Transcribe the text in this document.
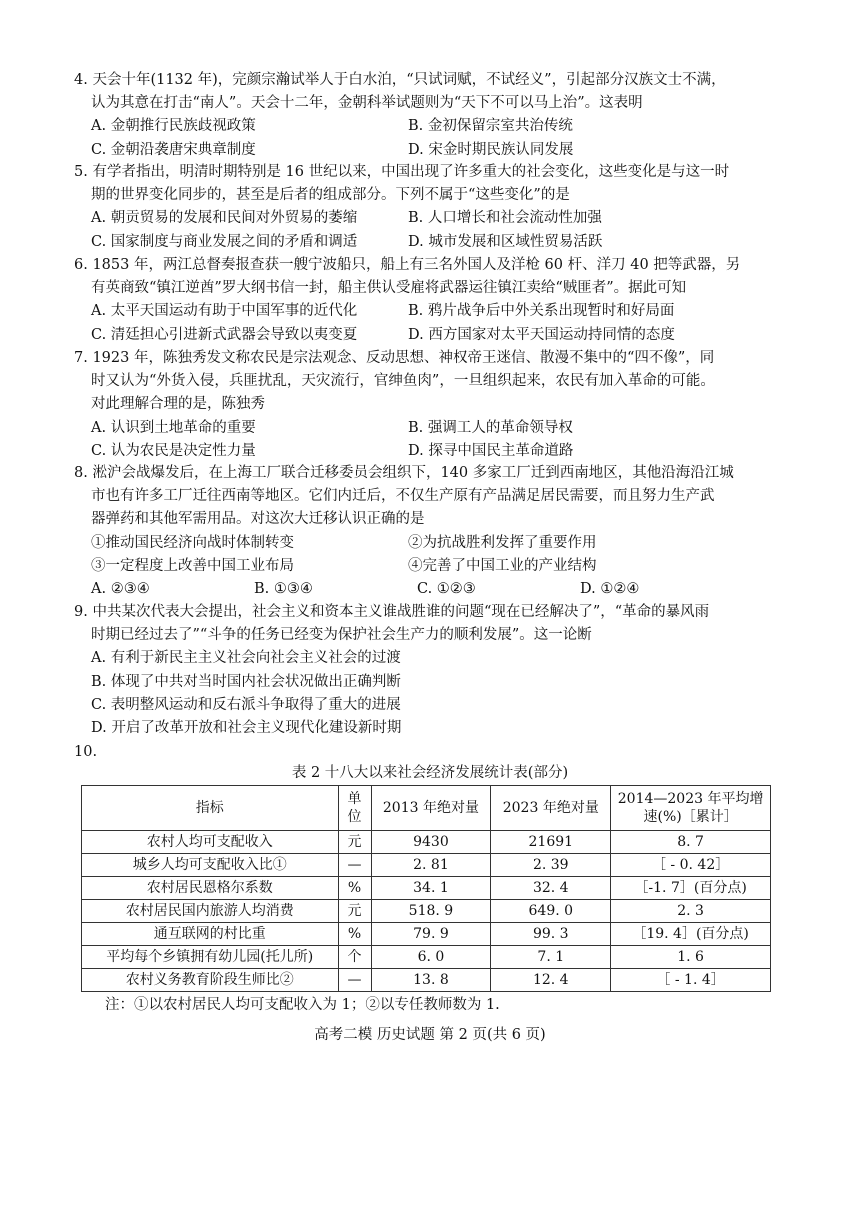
4. 天会十年(1132 年)，完颜宗瀚试举人于白水泊，“只试词赋，不试经义”，引起部分汉族文士不满，
认为其意在打击“南人”。天会十二年，金朝科举试题则为“天下不可以马上治”。这表明
A. 金朝推行民族歧视政策	B. 金初保留宗室共治传统
C. 金朝沿袭唐宋典章制度	D. 宋金时期民族认同发展
5. 有学者指出，明清时期特别是 16 世纪以来，中国出现了许多重大的社会变化，这些变化是与这一时
期的世界变化同步的，甚至是后者的组成部分。下列不属于“这些变化”的是
A. 朝贡贸易的发展和民间对外贸易的萎缩	B. 人口增长和社会流动性加强
C. 国家制度与商业发展之间的矛盾和调适	D. 城市发展和区域性贸易活跃
6. 1853 年，两江总督奏报查获一艘宁波船只，船上有三名外国人及洋枪 60 杆、洋刀 40 把等武器，另
有英商致“镇江逆酋”罗大纲书信一封，船主供认受雇将武器运往镇江卖给“贼匪者”。据此可知
A. 太平天国运动有助于中国军事的近代化	B. 鸦片战争后中外关系出现暂时和好局面
C. 清廷担心引进新式武器会导致以夷变夏	D. 西方国家对太平天国运动持同情的态度
7. 1923 年，陈独秀发文称农民是宗法观念、反动思想、神权帝王迷信、散漫不集中的“四不像”，同
时又认为“外货入侵，兵匪扰乱，天灾流行，官绅鱼肉”，一旦组织起来，农民有加入革命的可能。
对此理解合理的是，陈独秀
A. 认识到土地革命的重要	B. 强调工人的革命领导权
C. 认为农民是决定性力量	D. 探寻中国民主革命道路
8. 淞沪会战爆发后，在上海工厂联合迁移委员会组织下，140 多家工厂迁到西南地区，其他沿海沿江城
市也有许多工厂迁往西南等地区。它们内迁后，不仅生产原有产品满足居民需要，而且努力生产武
器弹药和其他军需用品。对这次大迁移认识正确的是
①推动国民经济向战时体制转变	②为抗战胜利发挥了重要作用
③一定程度上改善中国工业布局	④完善了中国工业的产业结构
A. ②③④	B. ①③④	C. ①②③	D. ①②④
9. 中共某次代表大会提出，社会主义和资本主义谁战胜谁的问题“现在已经解决了”，“革命的暴风雨
时期已经过去了”“斗争的任务已经变为保护社会生产力的顺利发展”。这一论断
A. 有利于新民主主义社会向社会主义社会的过渡
B. 体现了中共对当时国内社会状况做出正确判断
C. 表明整风运动和反右派斗争取得了重大的进展
D. 开启了改革开放和社会主义现代化建设新时期
10.
表 2 十八大以来社会经济发展统计表(部分)
指标	单位	2013 年绝对量	2023 年绝对量	2014—2023 年平均增
速(%)［累计］

农村人均可支配收入	元	9430	21691	8. 7
城乡人均可支配收入比①	—	2. 81	2. 39	［ - 0. 42］
农村居民恩格尔系数	%	34. 1	32. 4	［-1. 7］(百分点)
农村居民国内旅游人均消费	元	518. 9	649. 0	2. 3
通互联网的村比重	%	79. 9	99. 3	［19. 4］(百分点)
平均每个乡镇拥有幼儿园(托儿所)	个	6. 0	7. 1	1. 6
农村义务教育阶段生师比②	—	13. 8	12. 4	［ - 1. 4］
注：①以农村居民人均可支配收入为 1；②以专任教师数为 1.
高考二模 历史试题 第 2 页(共 6 页)
